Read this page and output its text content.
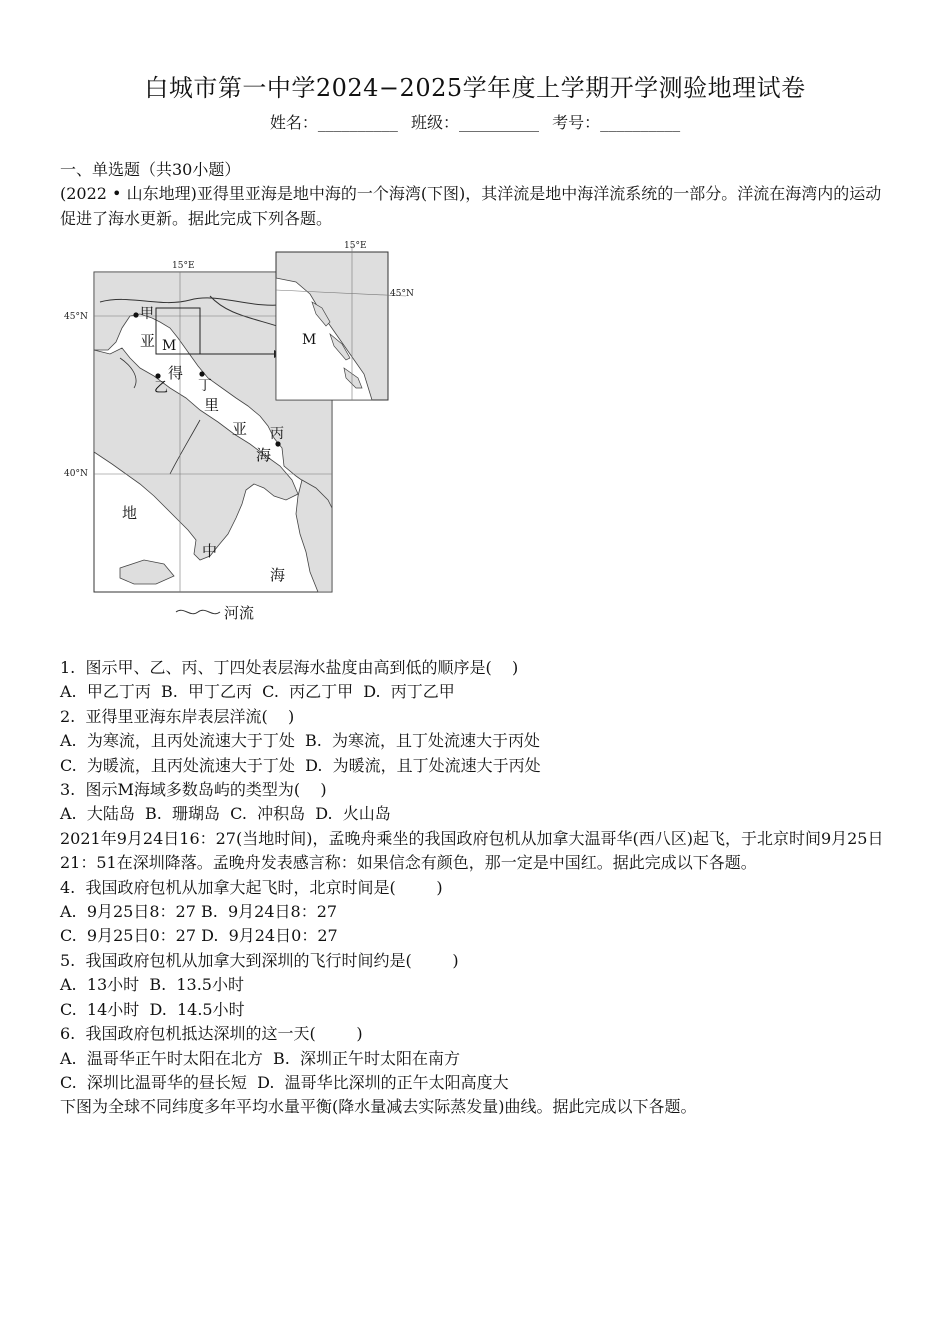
白城市第一中学2024−2025学年度上学期开学测验地理试卷
姓名：__________ 班级：__________ 考号：__________

一、单选题（共30小题）

(2022 • 山东地理)亚得里亚海是地中海的一个海湾(下图)，其洋流是地中海洋流系统的一部分。洋流在海湾内的运动促进了海水更新。据此完成下列各题。

15°E
15°E
45°N
45°N
40°N
亚
得
里
亚
海
地
中
海
甲
乙 丁
丙
M	M
河流

1.  图示甲、乙、丙、丁四处表层海水盐度由高到低的顺序是(    )

A.  甲乙丁丙  B.  甲丁乙丙  C.  丙乙丁甲  D.  丙丁乙甲

2.  亚得里亚海东岸表层洋流(    )

A.  为寒流，且丙处流速大于丁处  B.  为寒流，且丁处流速大于丙处

C.  为暖流，且丙处流速大于丁处  D.  为暖流，且丁处流速大于丙处

3.  图示M海域多数岛屿的类型为(    )

A.  大陆岛  B.  珊瑚岛  C.  冲积岛  D.  火山岛

2021年9月24日16：27(当地时间)，孟晚舟乘坐的我国政府包机从加拿大温哥华(西八区)起飞，于北京时间9月25日21：51在深圳降落。孟晚舟发表感言称：如果信念有颜色，那一定是中国红。据此完成以下各题。

4.  我国政府包机从加拿大起飞时，北京时间是(        )

A.  9月25日8：27 B.  9月24日8：27

C.  9月25日0：27 D.  9月24日0：27

5.  我国政府包机从加拿大到深圳的飞行时间约是(        )

A.  13小时  B.  13.5小时

C.  14小时  D.  14.5小时

6.  我国政府包机抵达深圳的这一天(        )

A.  温哥华正午时太阳在北方  B.  深圳正午时太阳在南方

C.  深圳比温哥华的昼长短  D.  温哥华比深圳的正午太阳高度大

下图为全球不同纬度多年平均水量平衡(降水量减去实际蒸发量)曲线。据此完成以下各题。
